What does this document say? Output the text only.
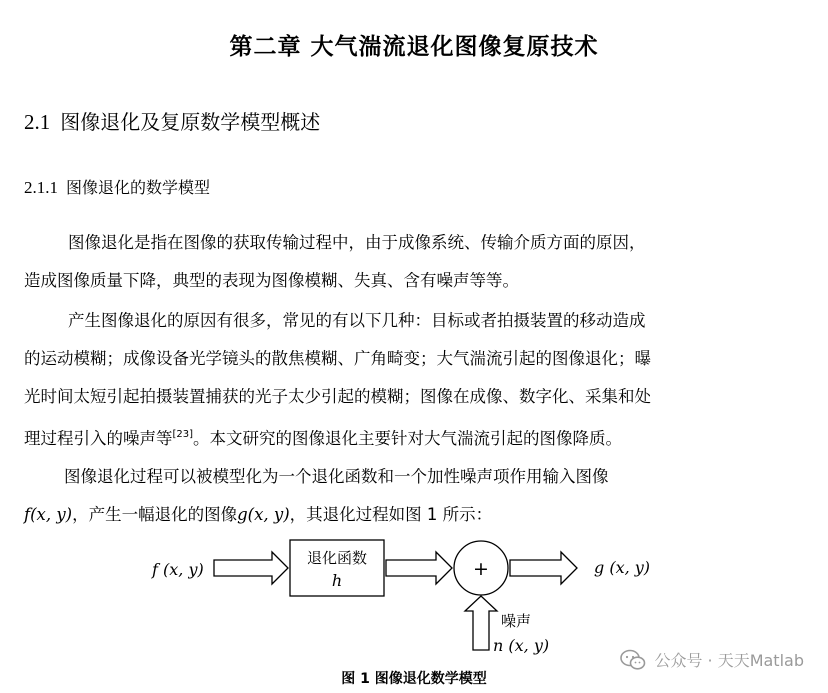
第二章 大气湍流退化图像复原技术
2.1 图像退化及复原数学模型概述
2.1.1 图像退化的数学模型
图像退化是指在图像的获取传输过程中，由于成像系统、传输介质方面的原因，
造成图像质量下降，典型的表现为图像模糊、失真、含有噪声等等。
产生图像退化的原因有很多，常见的有以下几种：目标或者拍摄装置的移动造成
的运动模糊；成像设备光学镜头的散焦模糊、广角畸变；大气湍流引起的图像退化；曝
光时间太短引起拍摄装置捕获的光子太少引起的模糊；图像在成像、数字化、采集和处
理过程引入的噪声等[23]。本文研究的图像退化主要针对大气湍流引起的图像降质。
图像退化过程可以被模型化为一个退化函数和一个加性噪声项作用输入图像
f(x, y)，产生一幅退化的图像g(x, y)，其退化过程如图 1 所示：
f (x, y)
退化函数
h
+	g (x, y)
噪声
n (x, y)
图 1 图像退化数学模型
公众号 · 天天Matlab
